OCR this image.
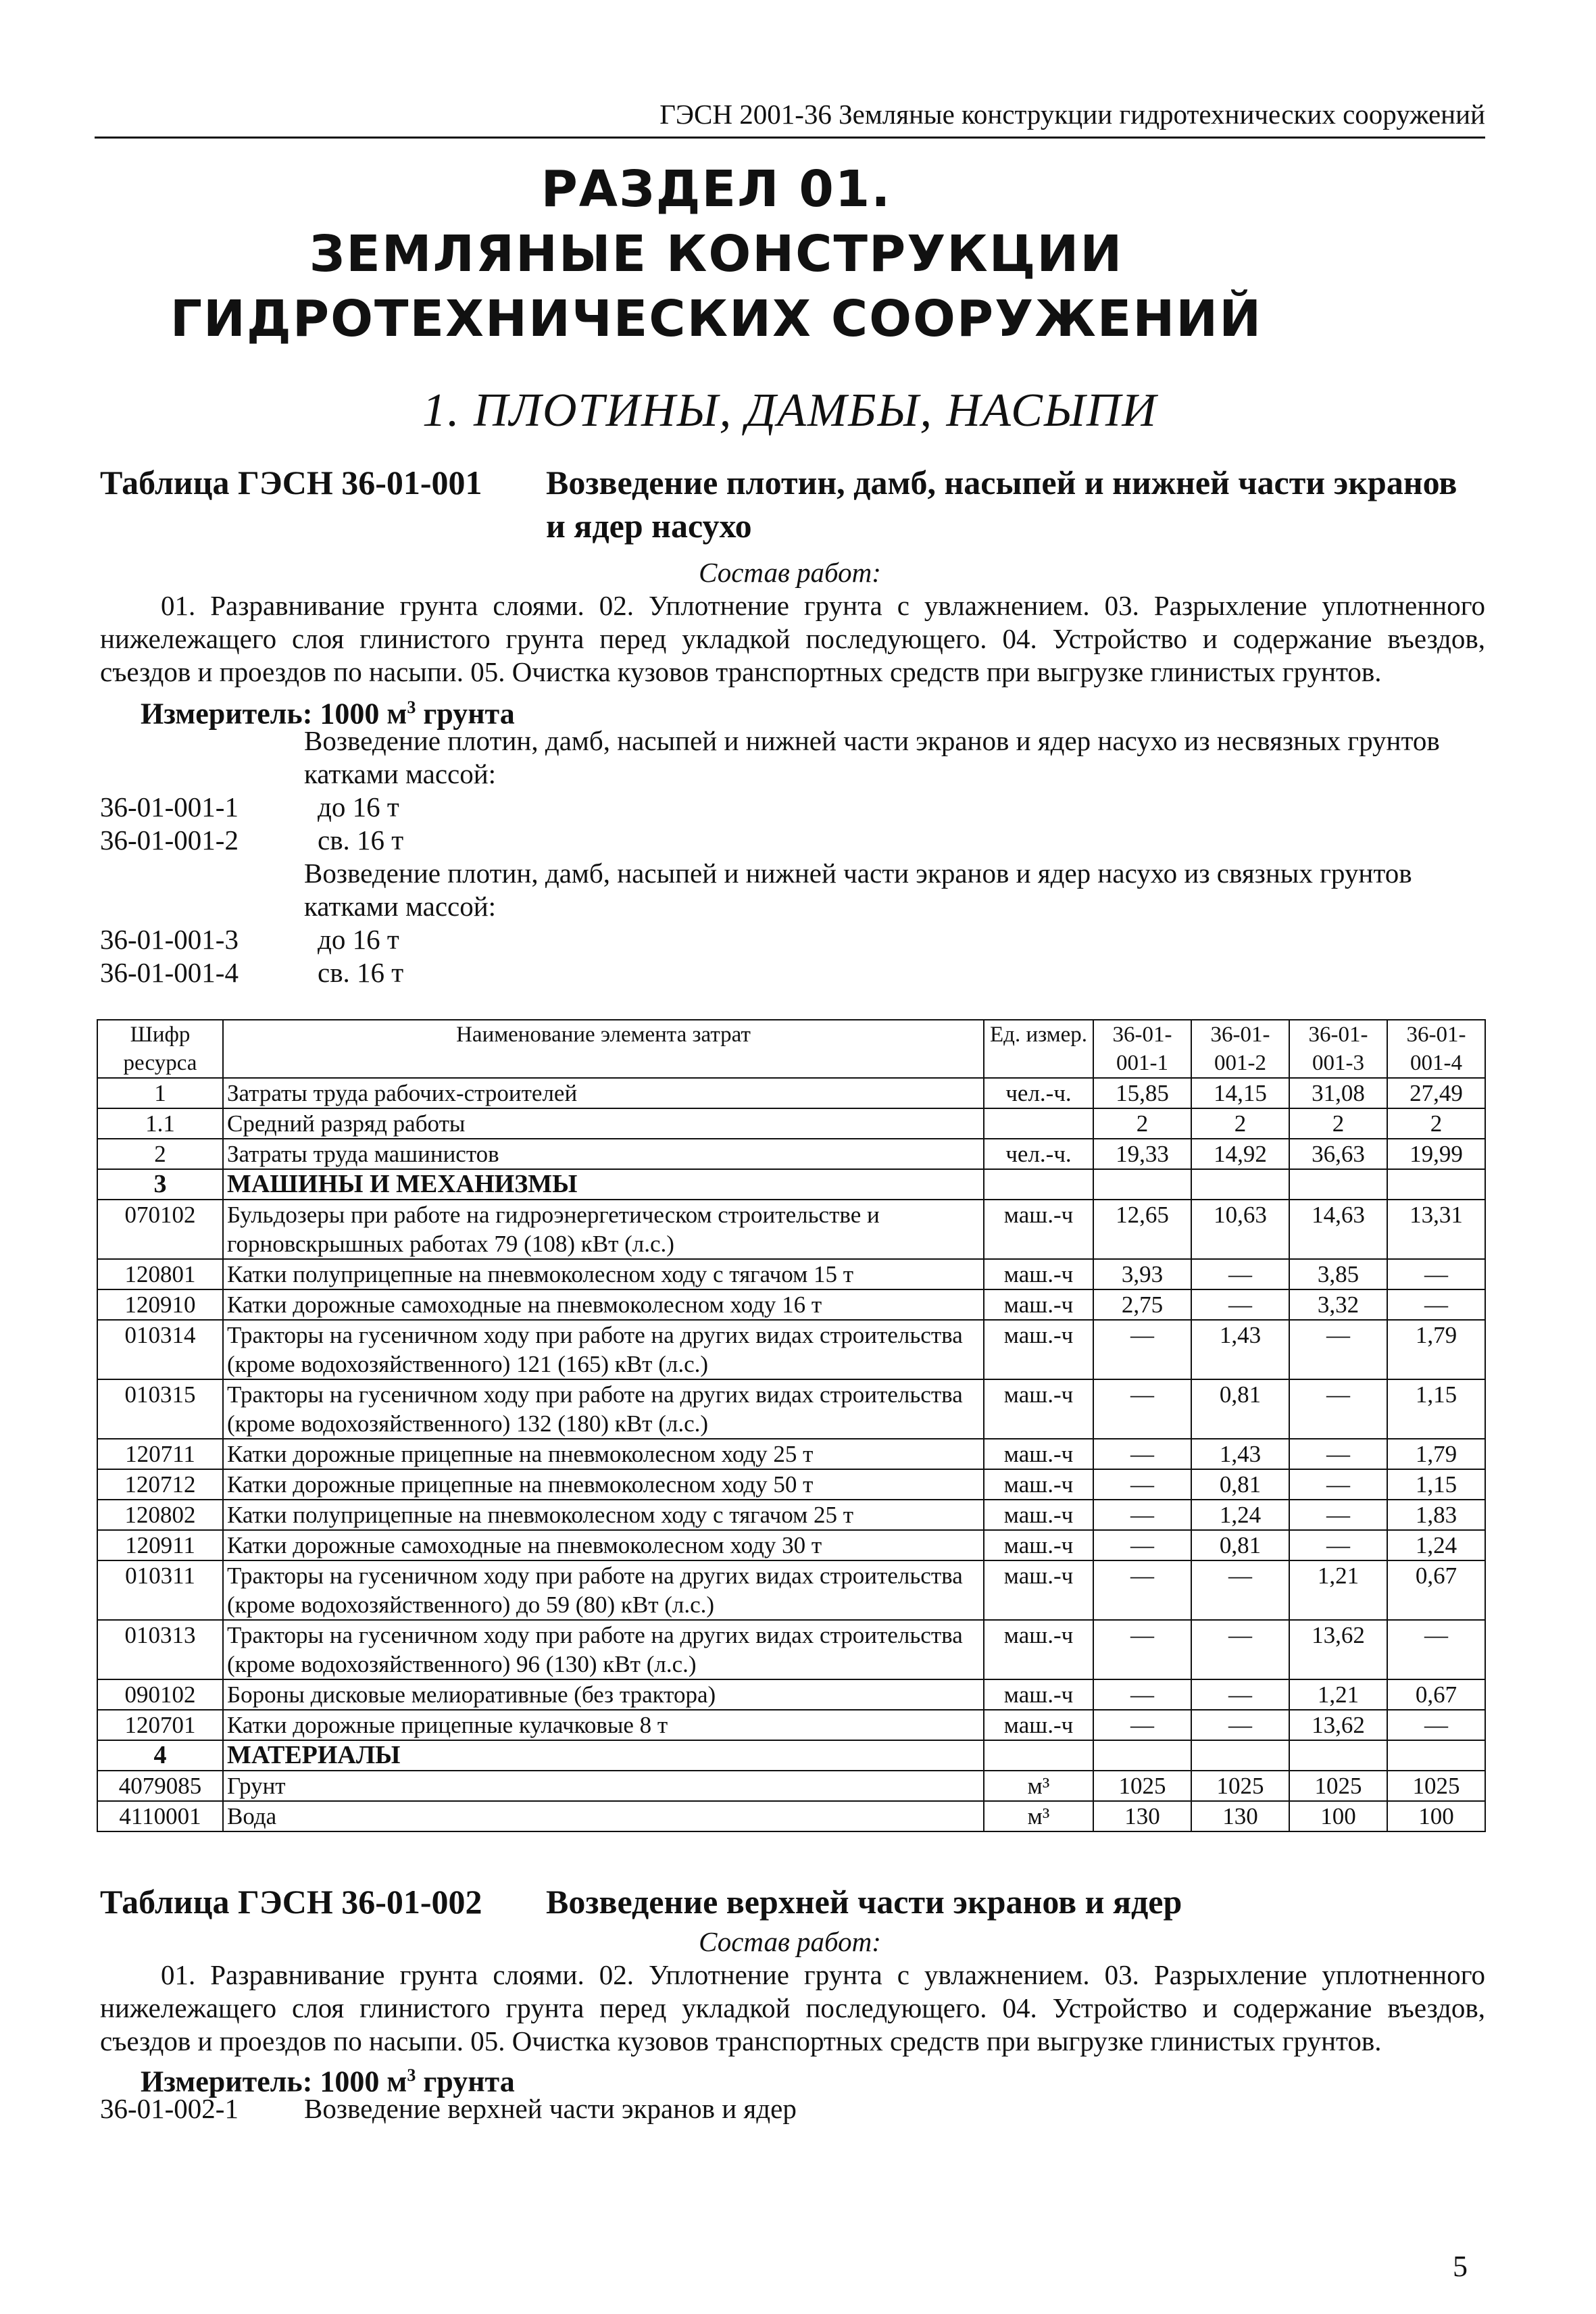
ГЭСН 2001-36 Земляные конструкции гидротехнических сооружений
РАЗДЕЛ 01.
ЗЕМЛЯНЫЕ КОНСТРУКЦИИ
ГИДРОТЕХНИЧЕСКИХ СООРУЖЕНИЙ
1. ПЛОТИНЫ, ДАМБЫ, НАСЫПИ
Таблица ГЭСН 36-01-001 Возведение плотин, дамб, насыпей и нижней части экранов
и ядер насухо
Состав работ:
01. Разравнивание грунта слоями. 02. Уплотнение грунта с увлажнением. 03. Разрыхление уплотненного нижележащего слоя глинистого грунта перед укладкой последующего. 04. Устройство и содержание въездов, съездов и проездов по насыпи. 05. Очистка кузовов транспортных средств при выгрузке глинистых грунтов.
Измеритель: 1000 $м^3$ грунта
Возведение плотин, дамб, насыпей и нижней части экранов и ядер насухо из несвязных грунтов
катками массой:
36-01-001-1	до 16 т
36-01-001-2	св. 16 т
Возведение плотин, дамб, насыпей и нижней части экранов и ядер насухо из связных грунтов
катками массой:
36-01-001-3	до 16 т
36-01-001-4	св. 16 т
Шифр ресурса	Наименование элемента затрат	Ед. измер.	36-01-001-1	36-01-001-2	36-01-001-3	36-01-001-4
1	Затраты труда рабочих-строителей	чел.-ч.	15,85	14,15	31,08	27,49
1.1	Средний разряд работы		2	2	2	2
2	Затраты труда машинистов	чел.-ч.	19,33	14,92	36,63	19,99
3	МАШИНЫ И МЕХАНИЗМЫ					
070102	Бульдозеры при работе на гидроэнергетическом строительстве и горновскрышных работах 79 (108) кВт (л.с.)	маш.-ч	12,65	10,63	14,63	13,31
120801	Катки полуприцепные на пневмоколесном ходу с тягачом 15 т	маш.-ч	3,93	—	3,85	—
120910	Катки дорожные самоходные на пневмоколесном ходу 16 т	маш.-ч	2,75	—	3,32	—
010314	Тракторы на гусеничном ходу при работе на других видах строительства (кроме водохозяйственного) 121 (165) кВт (л.с.)	маш.-ч	—	1,43	—	1,79
010315	Тракторы на гусеничном ходу при работе на других видах строительства (кроме водохозяйственного) 132 (180) кВт (л.с.)	маш.-ч	—	0,81	—	1,15
120711	Катки дорожные прицепные на пневмоколесном ходу 25 т	маш.-ч	—	1,43	—	1,79
120712	Катки дорожные прицепные на пневмоколесном ходу 50 т	маш.-ч	—	0,81	—	1,15
120802	Катки полуприцепные на пневмоколесном ходу с тягачом 25 т	маш.-ч	—	1,24	—	1,83
120911	Катки дорожные самоходные на пневмоколесном ходу 30 т	маш.-ч	—	0,81	—	1,24
010311	Тракторы на гусеничном ходу при работе на других видах строительства (кроме водохозяйственного) до 59 (80) кВт (л.с.)	маш.-ч	—	—	1,21	0,67
010313	Тракторы на гусеничном ходу при работе на других видах строительства (кроме водохозяйственного) 96 (130) кВт (л.с.)	маш.-ч	—	—	13,62	—
090102	Бороны дисковые мелиоративные (без трактора)	маш.-ч	—	—	1,21	0,67
120701	Катки дорожные прицепные кулачковые 8 т	маш.-ч	—	—	13,62	—
4	МАТЕРИАЛЫ					
4079085	Грунт	м³	1025	1025	1025	1025
4110001	Вода	м³	130	130	100	100
Таблица ГЭСН 36-01-002 Возведение верхней части экранов и ядер
Состав работ:
01. Разравнивание грунта слоями. 02. Уплотнение грунта с увлажнением. 03. Разрыхление уплотненного нижележащего слоя глинистого грунта перед укладкой последующего. 04. Устройство и содержание въездов, съездов и проездов по насыпи. 05. Очистка кузовов транспортных средств при выгрузке глинистых грунтов.
Измеритель: 1000 $м^3$ грунта
36-01-002-1 Возведение верхней части экранов и ядер
5
